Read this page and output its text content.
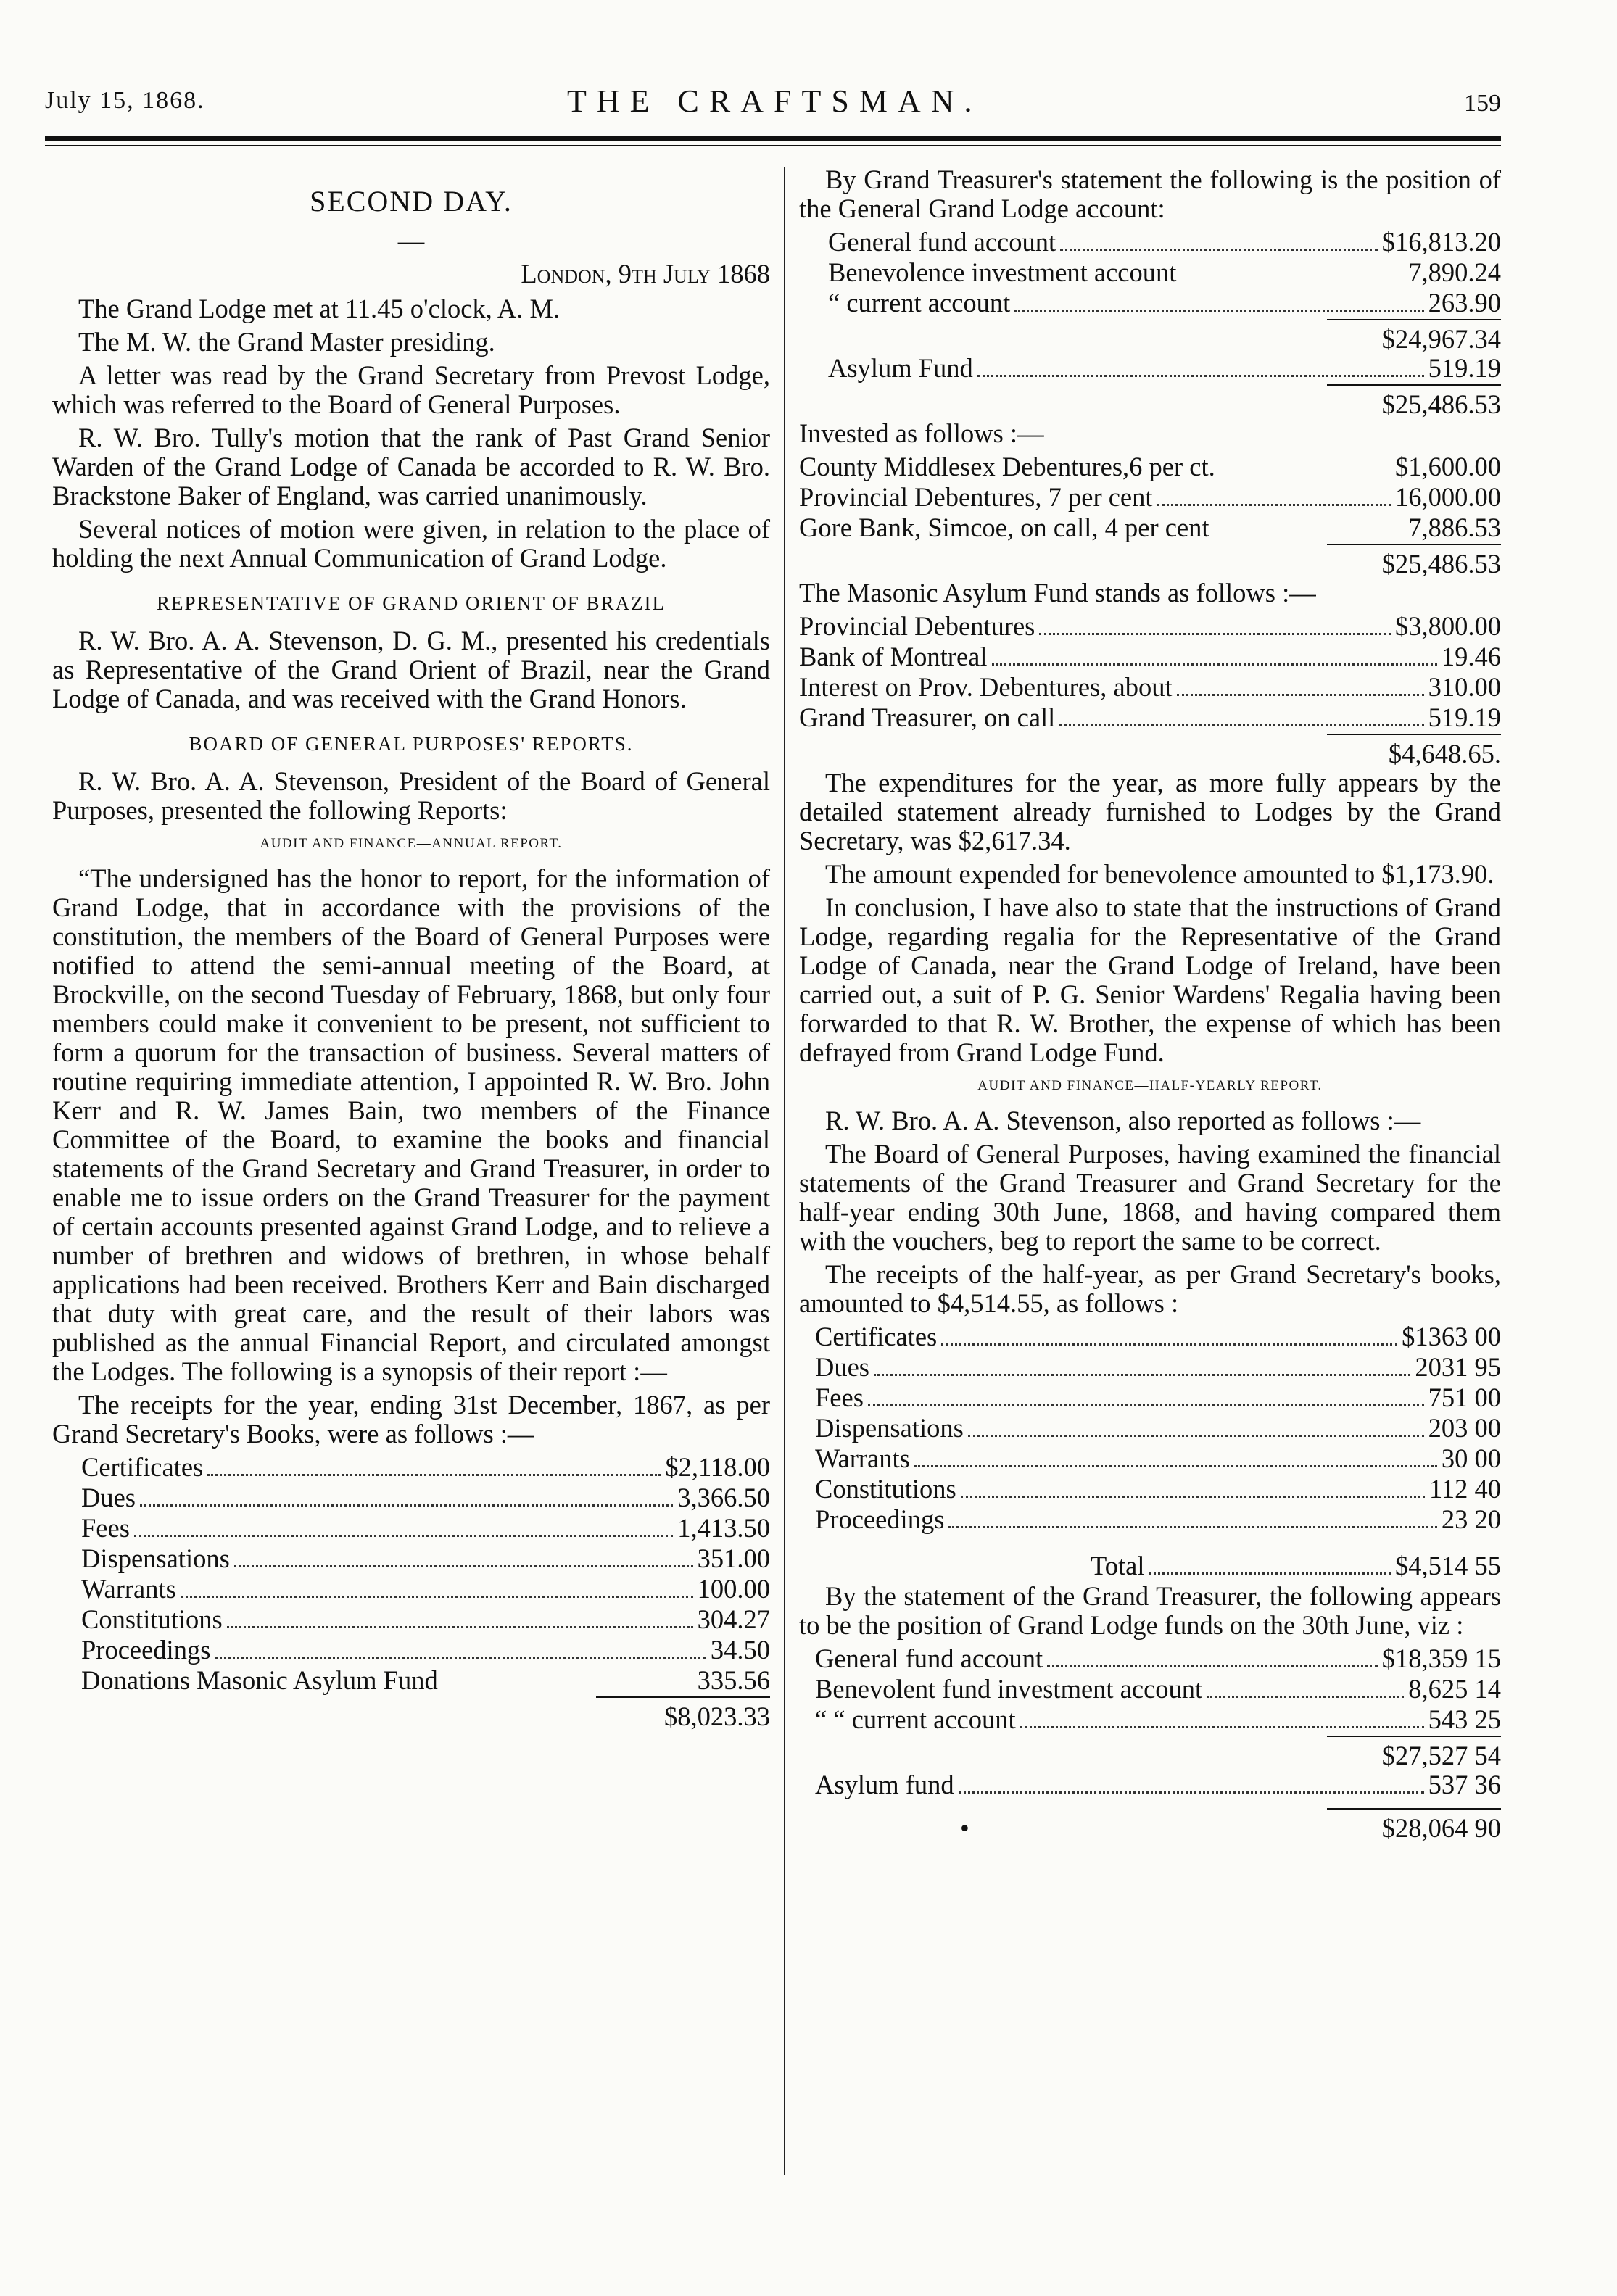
July 15, 1868.	THE CRAFTSMAN.	159
SECOND DAY.
—
London, 9th July 1868

The Grand Lodge met at 11.45 o'clock, A. M.

The M. W. the Grand Master presiding.

A letter was read by the Grand Secretary from Prevost Lodge, which was referred to the Board of General Purposes.

R. W. Bro. Tully's motion that the rank of Past Grand Senior Warden of the Grand Lodge of Canada be accorded to R. W. Bro. Brackstone Baker of England, was carried unanimously.

Several notices of motion were given, in relation to the place of holding the next Annual Communication of Grand Lodge.

REPRESENTATIVE OF GRAND ORIENT OF BRAZIL

R. W. Bro. A. A. Stevenson, D. G. M., presented his credentials as Representative of the Grand Orient of Brazil, near the Grand Lodge of Canada, and was received with the Grand Honors.

BOARD OF GENERAL PURPOSES' REPORTS.

R. W. Bro. A. A. Stevenson, President of the Board of General Purposes, presented the following Reports:

AUDIT AND FINANCE—ANNUAL REPORT.

“The undersigned has the honor to report, for the information of Grand Lodge, that in accordance with the provisions of the constitution, the members of the Board of General Purposes were notified to attend the semi-annual meeting of the Board, at Brockville, on the second Tuesday of February, 1868, but only four members could make it convenient to be present, not sufficient to form a quorum for the transaction of business. Several matters of routine requiring immediate attention, I appointed R. W. Bro. John Kerr and R. W. James Bain, two members of the Finance Committee of the Board, to examine the books and financial statements of the Grand Secretary and Grand Treasurer, in order to enable me to issue orders on the Grand Treasurer for the payment of certain accounts presented against Grand Lodge, and to relieve a number of brethren and widows of brethren, in whose behalf applications had been received. Brothers Kerr and Bain discharged that duty with great care, and the result of their labors was published as the annual Financial Report, and circulated amongst the Lodges. The following is a synopsis of their report :—

The receipts for the year, ending 31st December, 1867, as per Grand Secretary's Books, were as follows :—

Certificates	$2,118.00
Dues	3,366.50
Fees	1,413.50
Dispensations	351.00
Warrants	100.00
Constitutions	304.27
Proceedings	34.50
Donations Masonic Asylum Fund	335.56
$8,023.33

By Grand Treasurer's statement the following is the position of the General Grand Lodge account:

General fund account	$16,813.20
Benevolence investment account	7,890.24
“ current account	263.90
$24,967.34
Asylum Fund	519.19
$25,486.53

Invested as follows :—

County Middlesex Debentures,6 per ct.	$1,600.00
Provincial Debentures, 7 per cent	16,000.00
Gore Bank, Simcoe, on call, 4 per cent	7,886.53
$25,486.53

The Masonic Asylum Fund stands as follows :—

Provincial Debentures	$3,800.00
Bank of Montreal	19.46
Interest on Prov. Debentures, about	310.00
Grand Treasurer, on call	519.19
$4,648.65.

The expenditures for the year, as more fully appears by the detailed statement already furnished to Lodges by the Grand Secretary, was $2,617.34.

The amount expended for benevolence amounted to $1,173.90.

In conclusion, I have also to state that the instructions of Grand Lodge, regarding regalia for the Representative of the Grand Lodge of Canada, near the Grand Lodge of Ireland, have been carried out, a suit of P. G. Senior Wardens' Regalia having been forwarded to that R. W. Brother, the expense of which has been defrayed from Grand Lodge Fund.

AUDIT AND FINANCE—HALF-YEARLY REPORT.

R. W. Bro. A. A. Stevenson, also reported as follows :—

The Board of General Purposes, having examined the financial statements of the Grand Treasurer and Grand Secretary for the half-year ending 30th June, 1868, and having compared them with the vouchers, beg to report the same to be correct.

The receipts of the half-year, as per Grand Secretary's books, amounted to $4,514.55, as follows :

Certificates	$1363 00
Dues	2031 95
Fees	751 00
Dispensations	203 00
Warrants	30 00
Constitutions	112 40
Proceedings	23 20
Total	$4,514 55

By the statement of the Grand Treasurer, the following appears to be the position of Grand Lodge funds on the 30th June, viz :

General fund account	$18,359 15
Benevolent fund investment account	8,625 14
“ “ current account	543 25
$27,527 54
Asylum fund	537 36
•	$28,064 90
